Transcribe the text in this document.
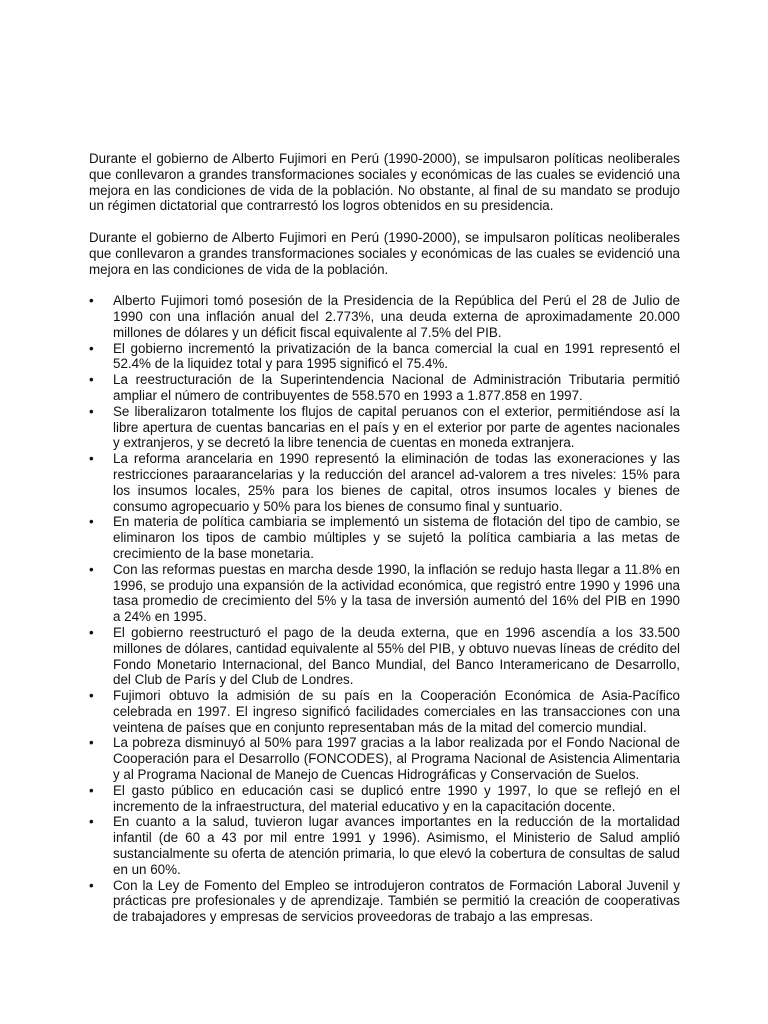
Durante el gobierno de Alberto Fujimori en Perú (1990-2000), se impulsaron políticas neoliberales que conllevaron a grandes transformaciones sociales y económicas de las cuales se evidenció una mejora en las condiciones de vida de la población. No obstante, al final de su mandato se produjo un régimen dictatorial que contrarrestó los logros obtenidos en su presidencia.

Durante el gobierno de Alberto Fujimori en Perú (1990-2000), se impulsaron políticas neoliberales que conllevaron a grandes transformaciones sociales y económicas de las cuales se evidenció una mejora en las condiciones de vida de la población.

•	Alberto Fujimori tomó posesión de la Presidencia de la República del Perú el 28 de Julio de 1990 con una inflación anual del 2.773%, una deuda externa de aproximadamente 20.000 millones de dólares y un déficit fiscal equivalente al 7.5% del PIB.
•	El gobierno incrementó la privatización de la banca comercial la cual en 1991 representó el 52.4% de la liquidez total y para 1995 significó el 75.4%.
•	La reestructuración de la Superintendencia Nacional de Administración Tributaria permitió ampliar el número de contribuyentes de 558.570 en 1993 a 1.877.858 en 1997.
•	Se liberalizaron totalmente los flujos de capital peruanos con el exterior, permitiéndose así la libre apertura de cuentas bancarias en el país y en el exterior por parte de agentes nacionales y extranjeros, y se decretó la libre tenencia de cuentas en moneda extranjera.
•	La reforma arancelaria en 1990 representó la eliminación de todas las exoneraciones y las restricciones paraarancelarias y la reducción del arancel ad-valorem a tres niveles: 15% para los insumos locales, 25% para los bienes de capital, otros insumos locales y bienes de consumo agropecuario y 50% para los bienes de consumo final y suntuario.
•	En materia de política cambiaria se implementó un sistema de flotación del tipo de cambio, se eliminaron los tipos de cambio múltiples y se sujetó la política cambiaria a las metas de crecimiento de la base monetaria.
•	Con las reformas puestas en marcha desde 1990, la inflación se redujo hasta llegar a 11.8% en 1996, se produjo una expansión de la actividad económica, que registró entre 1990 y 1996 una tasa promedio de crecimiento del 5% y la tasa de inversión aumentó del 16% del PIB en 1990 a 24% en 1995.
•	El gobierno reestructuró el pago de la deuda externa, que en 1996 ascendía a los 33.500 millones de dólares, cantidad equivalente al 55% del PIB, y obtuvo nuevas líneas de crédito del Fondo Monetario Internacional, del Banco Mundial, del Banco Interamericano de Desarrollo, del Club de París y del Club de Londres.
•	Fujimori obtuvo la admisión de su país en la Cooperación Económica de Asia-Pacífico celebrada en 1997. El ingreso significó facilidades comerciales en las transacciones con una veintena de países que en conjunto representaban más de la mitad del comercio mundial.
•	La pobreza disminuyó al 50% para 1997 gracias a la labor realizada por el Fondo Nacional de Cooperación para el Desarrollo (FONCODES), al Programa Nacional de Asistencia Alimentaria y al Programa Nacional de Manejo de Cuencas Hidrográficas y Conservación de Suelos.
•	El gasto público en educación casi se duplicó entre 1990 y 1997, lo que se reflejó en el incremento de la infraestructura, del material educativo y en la capacitación docente.
•	En cuanto a la salud, tuvieron lugar avances importantes en la reducción de la mortalidad infantil (de 60 a 43 por mil entre 1991 y 1996). Asimismo, el Ministerio de Salud amplió sustancialmente su oferta de atención primaria, lo que elevó la cobertura de consultas de salud en un 60%.
•	Con la Ley de Fomento del Empleo se introdujeron contratos de Formación Laboral Juvenil y prácticas pre profesionales y de aprendizaje. También se permitió la creación de cooperativas de trabajadores y empresas de servicios proveedoras de trabajo a las empresas.
